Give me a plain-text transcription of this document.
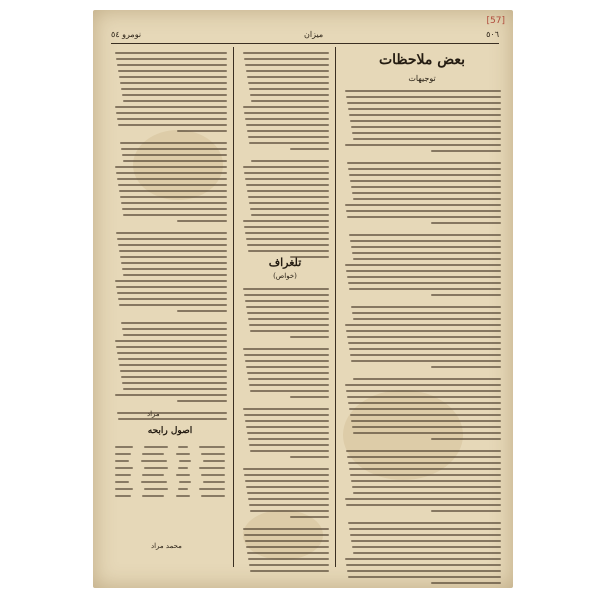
[57]
٥٠٦
میزان
نومرو ٥٤
بعض ملاحظات
توجیهات
تلغراف
(خواص)
مراد
اصول رابحه
محمد مراد
